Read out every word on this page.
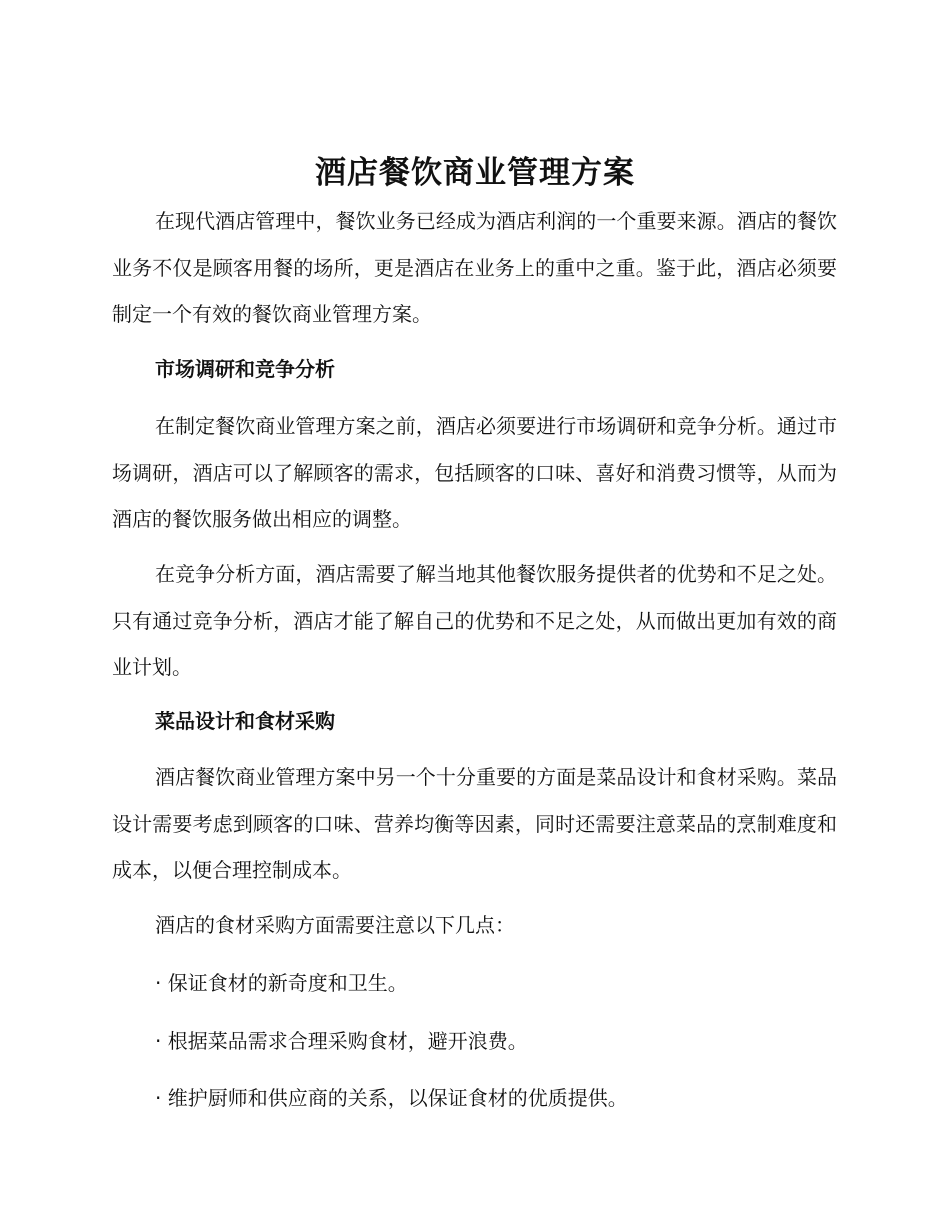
酒店餐饮商业管理方案
在现代酒店管理中，餐饮业务已经成为酒店利润的一个重要来源。酒店的餐饮业务不仅是顾客用餐的场所，更是酒店在业务上的重中之重。鉴于此，酒店必须要制定一个有效的餐饮商业管理方案。
市场调研和竞争分析
在制定餐饮商业管理方案之前，酒店必须要进行市场调研和竞争分析。通过市场调研，酒店可以了解顾客的需求，包括顾客的口味、喜好和消费习惯等，从而为酒店的餐饮服务做出相应的调整。
在竞争分析方面，酒店需要了解当地其他餐饮服务提供者的优势和不足之处。只有通过竞争分析，酒店才能了解自己的优势和不足之处，从而做出更加有效的商业计划。
菜品设计和食材采购
酒店餐饮商业管理方案中另一个十分重要的方面是菜品设计和食材采购。菜品设计需要考虑到顾客的口味、营养均衡等因素，同时还需要注意菜品的烹制难度和成本，以便合理控制成本。
酒店的食材采购方面需要注意以下几点：
· 保证食材的新奇度和卫生。
· 根据菜品需求合理采购食材，避开浪费。
· 维护厨师和供应商的关系，以保证食材的优质提供。
